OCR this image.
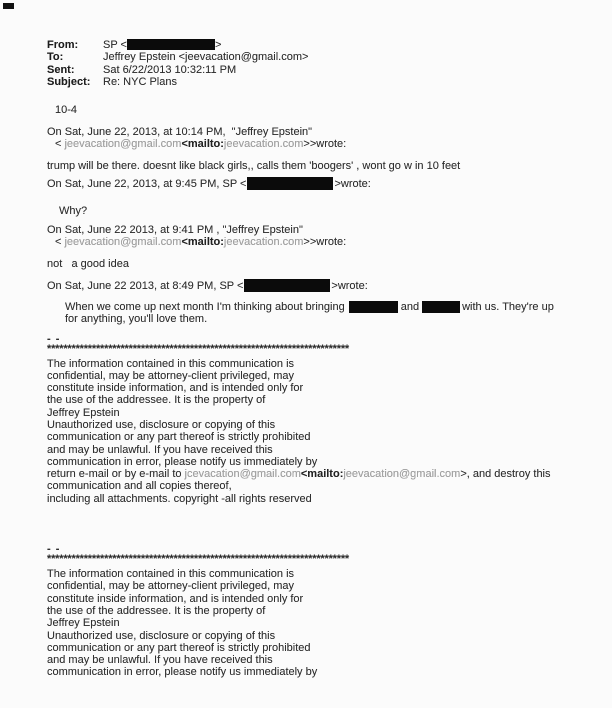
From:	SP <	>
To:	Jeffrey Epstein <jeevacation@gmail.com>
Sent:	Sat 6/22/2013 10:32:11 PM
Subject:	Re: NYC Plans
10-4
On Sat, June 22, 2013, at 10:14 PM,  "Jeffrey Epstein"
< jeevacation@gmail.com<mailto:jeevacation.com>>wrote:
trump will be there. doesnt like black girls,, calls them 'boogers' , wont go w in 10 feet
On Sat, June 22, 2013, at 9:45 PM, SP <	>wrote:
Why?
On Sat, June 22 2013, at 9:41 PM , "Jeffrey Epstein"
< jeevacation@gmail.com<mailto:jeevacation.com>>wrote:
not   a good idea
On Sat, June 22 2013, at 8:49 PM, SP <	>wrote:
When we come up next month I'm thinking about bringing	and	with us. They're up
for anything, you'll love them.
- -
**************************************************************************
The information contained in this communication is
confidential, may be attorney-client privileged, may
constitute inside information, and is intended only for
the use of the addressee. It is the property of
Jeffrey Epstein
Unauthorized use, disclosure or copying of this
communication or any part thereof is strictly prohibited
and may be unlawful. If you have received this
communication in error, please notify us immediately by
return e-mail or by e-mail to jcevacation@gmail.com<mailto:jeevacation@gmail.com>, and destroy this
communication and all copies thereof,
including all attachments. copyright -all rights reserved
- -
**************************************************************************
The information contained in this communication is
confidential, may be attorney-client privileged, may
constitute inside information, and is intended only for
the use of the addressee. It is the property of
Jeffrey Epstein
Unauthorized use, disclosure or copying of this
communication or any part thereof is strictly prohibited
and may be unlawful. If you have received this
communication in error, please notify us immediately by
